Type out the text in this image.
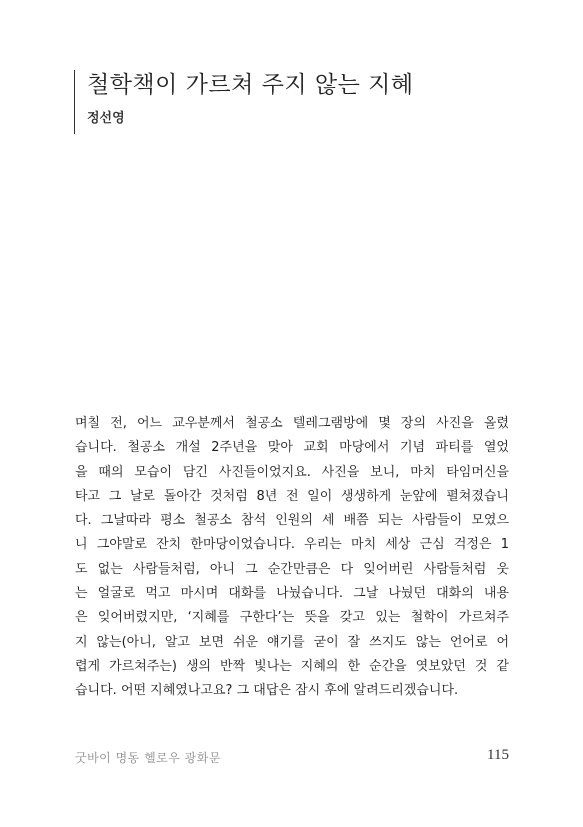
철학책이 가르쳐 주지 않는 지혜
정선영
며칠 전, 어느 교우분께서 철공소 텔레그램방에 몇 장의 사진을 올렸
습니다. 철공소 개설 2주년을 맞아 교회 마당에서 기념 파티를 열었
을 때의 모습이 담긴 사진들이었지요. 사진을 보니, 마치 타임머신을
타고 그 날로 돌아간 것처럼 8년 전 일이 생생하게 눈앞에 펼쳐졌습니
다. 그날따라 평소 철공소 참석 인원의 세 배쯤 되는 사람들이 모였으
니 그야말로 잔치 한마당이었습니다. 우리는 마치 세상 근심 걱정은 1
도 없는 사람들처럼, 아니 그 순간만큼은 다 잊어버린 사람들처럼 웃
는 얼굴로 먹고 마시며 대화를 나눴습니다. 그날 나눴던 대화의 내용
은 잊어버렸지만, ‘지혜를 구한다’는 뜻을 갖고 있는 철학이 가르쳐주
지 않는(아니, 알고 보면 쉬운 얘기를 굳이 잘 쓰지도 않는 언어로 어
렵게 가르쳐주는) 생의 반짝 빛나는 지혜의 한 순간을 엿보았던 것 같
습니다. 어떤 지혜였나고요? 그 대답은 잠시 후에 알려드리겠습니다.
굿바이 명동 헬로우 광화문	115
